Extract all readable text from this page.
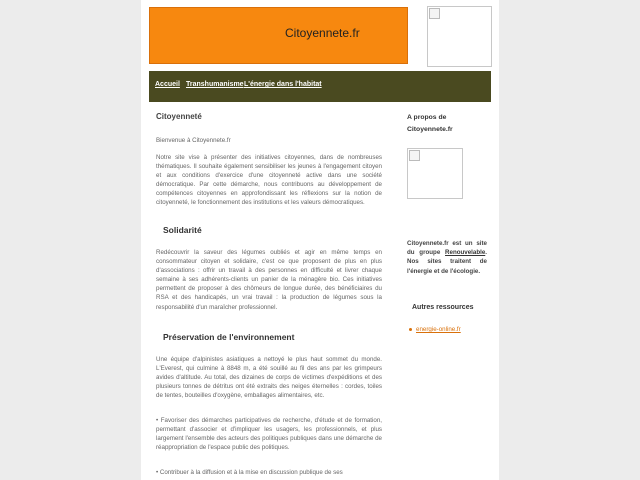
Citoyennete.fr
Accueil Transhumanisme L'énergie dans l'habitat
Citoyenneté
Bienvenue à Citoyennete.fr
Notre site vise à présenter des initiatives citoyennes, dans de nombreuses thématiques. Il souhaite également sensibiliser les jeunes à l'engagement citoyen et aux conditions d'exercice d'une citoyenneté active dans une société démocratique. Par cette démarche, nous contribuons au développement de compétences citoyennes en approfondissant les réflexions sur la notion de citoyenneté, le fonctionnement des institutions et les valeurs démocratiques.
Solidarité
Redécouvrir la saveur des légumes oubliés et agir en même temps en consommateur citoyen et solidaire, c'est ce que proposent de plus en plus d'associations : offrir un travail à des personnes en difficulté et livrer chaque semaine à ses adhérents-clients un panier de la ménagère bio. Ces initiatives permettent de proposer à des chômeurs de longue durée, des bénéficiaires du RSA et des handicapés, un vrai travail : la production de légumes sous la responsabilité d'un maraîcher professionnel.
Préservation de l'environnement
Une équipe d'alpinistes asiatiques a nettoyé le plus haut sommet du monde. L'Everest, qui culmine à 8848 m, a été souillé au fil des ans par les grimpeurs avides d'altitude. Au total, des dizaines de corps de victimes d'expéditions et des plusieurs tonnes de détritus ont été extraits des neiges éternelles : cordes, toiles de tentes, bouteilles d'oxygène, emballages alimentaires, etc.
• Favoriser des démarches participatives de recherche, d'étude et de formation, permettant d'associer et d'impliquer les usagers, les professionnels, et plus largement l'ensemble des acteurs des politiques publiques dans une démarche de réappropriation de l'espace public des politiques.
• Contribuer à la diffusion et à la mise en discussion publique de ses
A propos de Citoyennete.fr
Citoyennete.fr est un site du groupe Renouvelable. Nos sites traitent de l'énergie et de l'écologie.
Autres ressources
energie-online.fr
